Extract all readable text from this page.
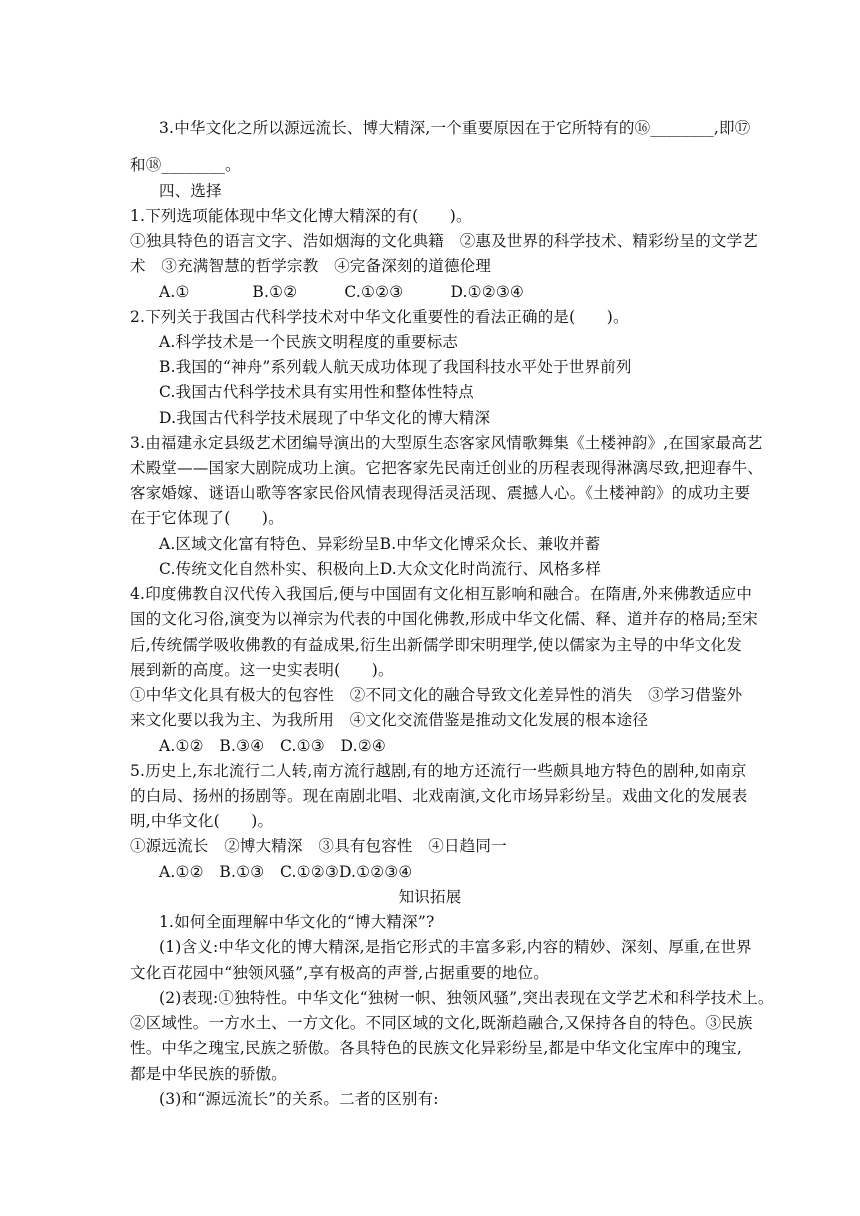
3.中华文化之所以源远流长、博大精深,一个重要原因在于它所特有的⑯________,即⑰
和⑱________。
四、选择
1.下列选项能体现中华文化博大精深的有(　　)。
①独具特色的语言文字、浩如烟海的文化典籍　②惠及世界的科学技术、精彩纷呈的文学艺
术　③充满智慧的哲学宗教　④完备深刻的道德伦理
A.①　　　　B.①②　　　C.①②③　　　D.①②③④
2.下列关于我国古代科学技术对中华文化重要性的看法正确的是(　　)。
A.科学技术是一个民族文明程度的重要标志
B.我国的“神舟”系列载人航天成功体现了我国科技水平处于世界前列
C.我国古代科学技术具有实用性和整体性特点
D.我国古代科学技术展现了中华文化的博大精深
3.由福建永定县级艺术团编导演出的大型原生态客家风情歌舞集《土楼神韵》,在国家最高艺
术殿堂——国家大剧院成功上演。它把客家先民南迁创业的历程表现得淋漓尽致,把迎春牛、
客家婚嫁、谜语山歌等客家民俗风情表现得活灵活现、震撼人心。《土楼神韵》的成功主要
在于它体现了(　　)。
A.区域文化富有特色、异彩纷呈B.中华文化博采众长、兼收并蓄
C.传统文化自然朴实、积极向上D.大众文化时尚流行、风格多样
4.印度佛教自汉代传入我国后,便与中国固有文化相互影响和融合。在隋唐,外来佛教适应中
国的文化习俗,演变为以禅宗为代表的中国化佛教,形成中华文化儒、释、道并存的格局;至宋
后,传统儒学吸收佛教的有益成果,衍生出新儒学即宋明理学,使以儒家为主导的中华文化发
展到新的高度。这一史实表明(　　)。
①中华文化具有极大的包容性　②不同文化的融合导致文化差异性的消失　③学习借鉴外
来文化要以我为主、为我所用　④文化交流借鉴是推动文化发展的根本途径
A.①②　B.③④　C.①③　D.②④
5.历史上,东北流行二人转,南方流行越剧,有的地方还流行一些颇具地方特色的剧种,如南京
的白局、扬州的扬剧等。现在南剧北唱、北戏南演,文化市场异彩纷呈。戏曲文化的发展表
明,中华文化(　　)。
①源远流长　②博大精深　③具有包容性　④日趋同一
A.①②　B.①③　C.①②③D.①②③④
知识拓展
1.如何全面理解中华文化的“博大精深”?
(1)含义:中华文化的博大精深,是指它形式的丰富多彩,内容的精妙、深刻、厚重,在世界
文化百花园中“独领风骚”,享有极高的声誉,占据重要的地位。
(2)表现:①独特性。中华文化“独树一帜、独领风骚”,突出表现在文学艺术和科学技术上。
②区域性。一方水土、一方文化。不同区域的文化,既渐趋融合,又保持各自的特色。③民族
性。中华之瑰宝,民族之骄傲。各具特色的民族文化异彩纷呈,都是中华文化宝库中的瑰宝,
都是中华民族的骄傲。
(3)和“源远流长”的关系。二者的区别有:
